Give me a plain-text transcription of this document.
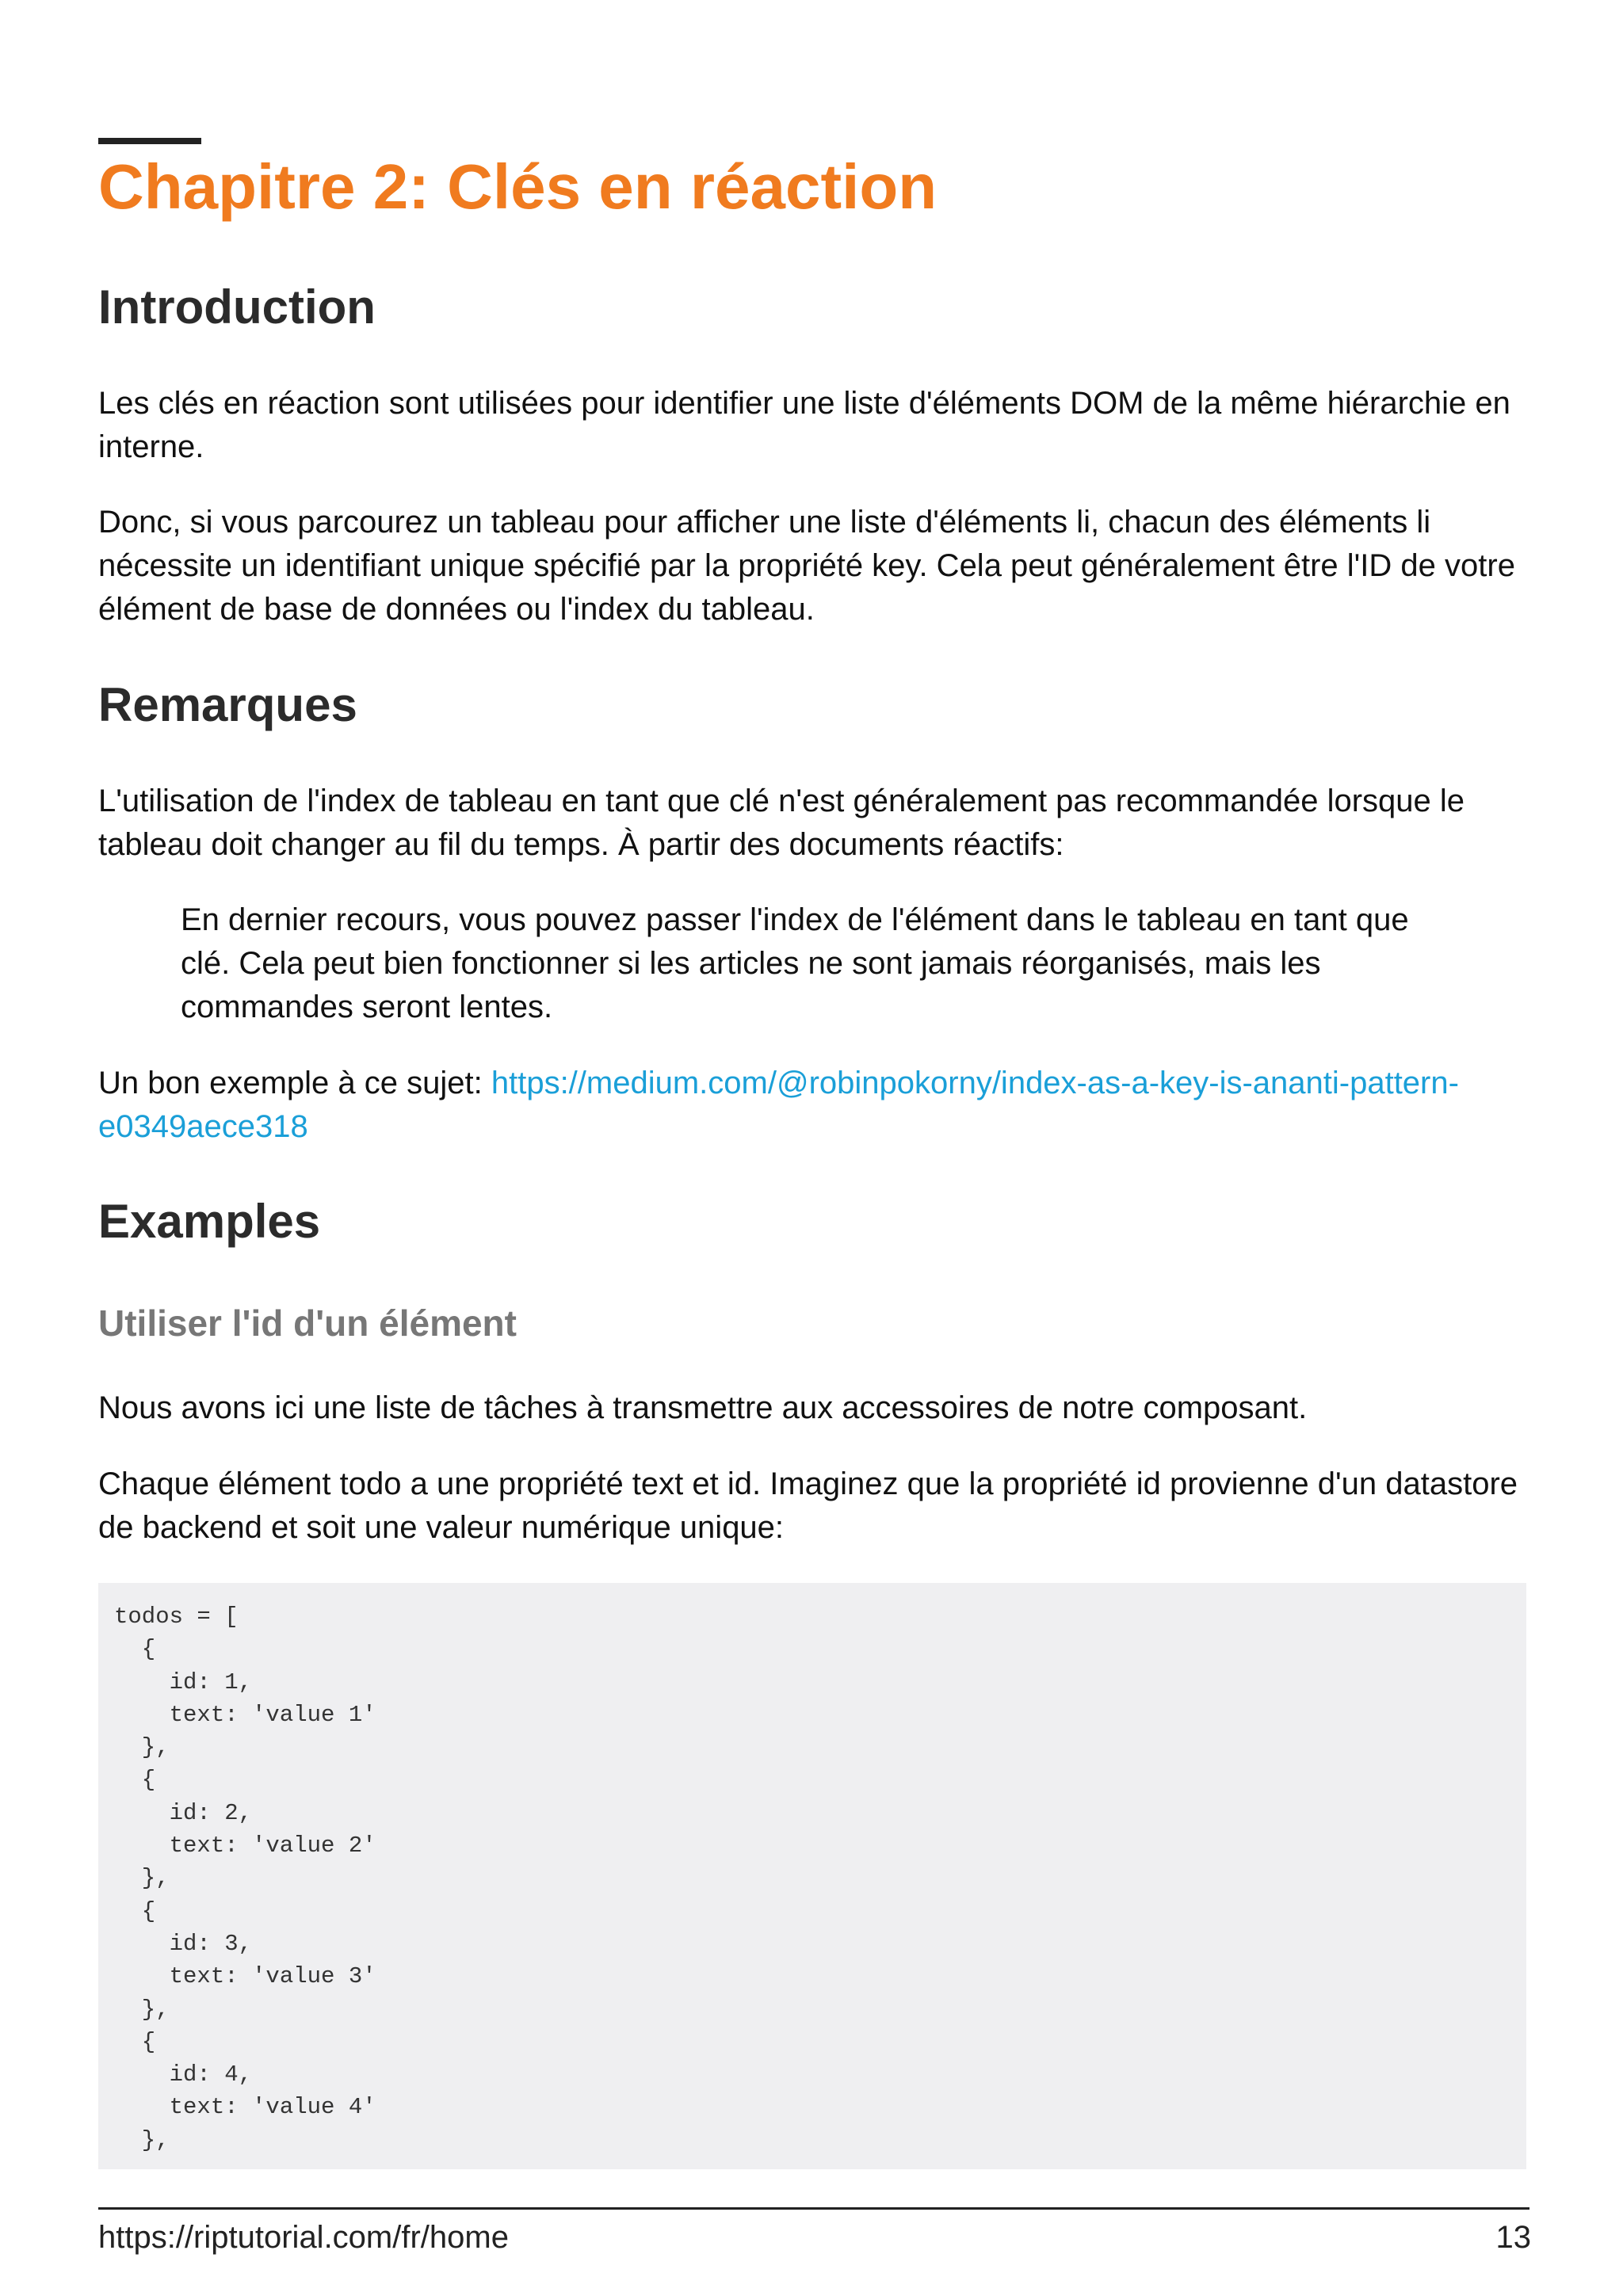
Chapitre 2: Clés en réaction
Introduction

Les clés en réaction sont utilisées pour identifier une liste d'éléments DOM de la même hiérarchie en interne.

Donc, si vous parcourez un tableau pour afficher une liste d'éléments li, chacun des éléments li nécessite un identifiant unique spécifié par la propriété key. Cela peut généralement être l'ID de votre élément de base de données ou l'index du tableau.

Remarques

L'utilisation de l'index de tableau en tant que clé n'est généralement pas recommandée lorsque le tableau doit changer au fil du temps. À partir des documents réactifs:

En dernier recours, vous pouvez passer l'index de l'élément dans le tableau en tant que clé. Cela peut bien fonctionner si les articles ne sont jamais réorganisés, mais les commandes seront lentes.

Un bon exemple à ce sujet: https://medium.com/@robinpokorny/index-as-a-key-is-ananti-pattern-e0349aece318

Examples
Utiliser l'id d'un élément

Nous avons ici une liste de tâches à transmettre aux accessoires de notre composant.

Chaque élément todo a une propriété text et id. Imaginez que la propriété id provienne d'un datastore de backend et soit une valeur numérique unique:

todos = [
{
id: 1,
text: 'value 1'
},
{
id: 2,
text: 'value 2'
},
{
id: 3,
text: 'value 3'
},
{
id: 4,
text: 'value 4'
},
https://riptutorial.com/fr/home	13
